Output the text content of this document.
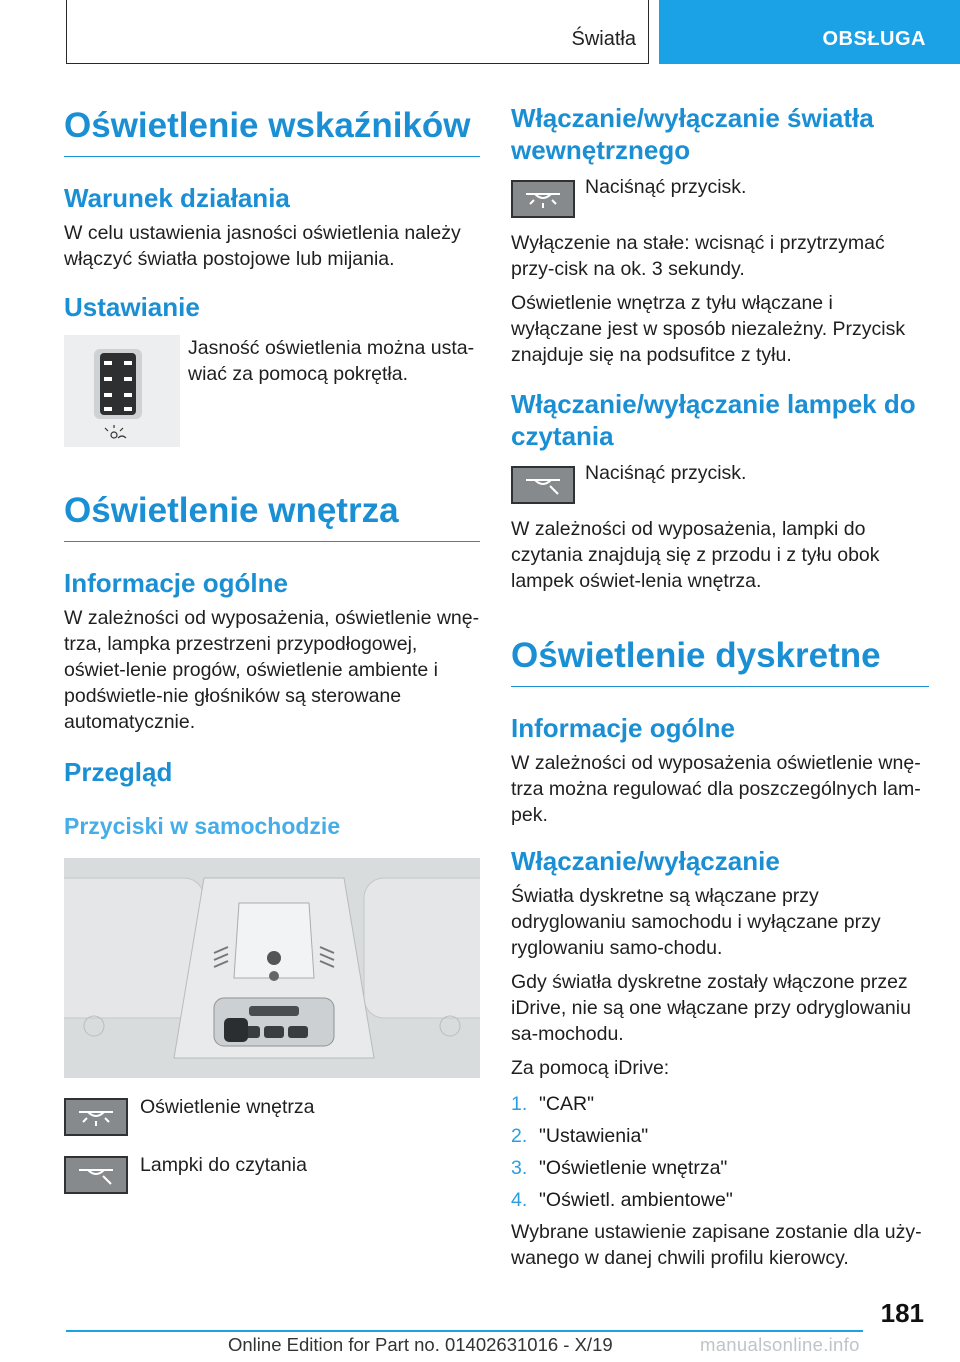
Światła	OBSŁUGA
Oświetlenie wskaźników
Warunek działania
W celu ustawienia jasności oświetlenia należy włączyć światła postojowe lub mijania.
Ustawianie
Jasność oświetlenia można usta-wiać za pomocą pokrętła.
Oświetlenie wnętrza
Informacje ogólne
W zależności od wyposażenia, oświetlenie wnę-trza, lampka przestrzeni przypodłogowej, oświet-lenie progów, oświetlenie ambiente i podświetle-nie głośników są sterowane automatycznie.
Przegląd
Przyciski w samochodzie
Oświetlenie wnętrza
Lampki do czytania
Włączanie/wyłączanie światła wewnętrznego
Naciśnąć przycisk.
Wyłączenie na stałe: wcisnąć i przytrzymać przy-cisk na ok. 3 sekundy.
Oświetlenie wnętrza z tyłu włączane i wyłączane jest w sposób niezależny. Przycisk znajduje się na podsufitce z tyłu.
Włączanie/wyłączanie lampek do czytania
Naciśnąć przycisk.
W zależności od wyposażenia, lampki do czytania znajdują się z przodu i z tyłu obok lampek oświet-lenia wnętrza.
Oświetlenie dyskretne
Informacje ogólne
W zależności od wyposażenia oświetlenie wnę-trza można regulować dla poszczególnych lam-pek.
Włączanie/wyłączanie
Światła dyskretne są włączane przy odryglowaniu samochodu i wyłączane przy ryglowaniu samo-chodu.
Gdy światła dyskretne zostały włączone przez iDrive, nie są one włączane przy odryglowaniu sa-mochodu.
Za pomocą iDrive:
1. "CAR"
2. "Ustawienia"
3. "Oświetlenie wnętrza"
4. "Oświetl. ambientowe"
Wybrane ustawienie zapisane zostanie dla uży-wanego w danej chwili profilu kierowcy.
181
Online Edition for Part no. 01402631016 - X/19	manualsonline.info
